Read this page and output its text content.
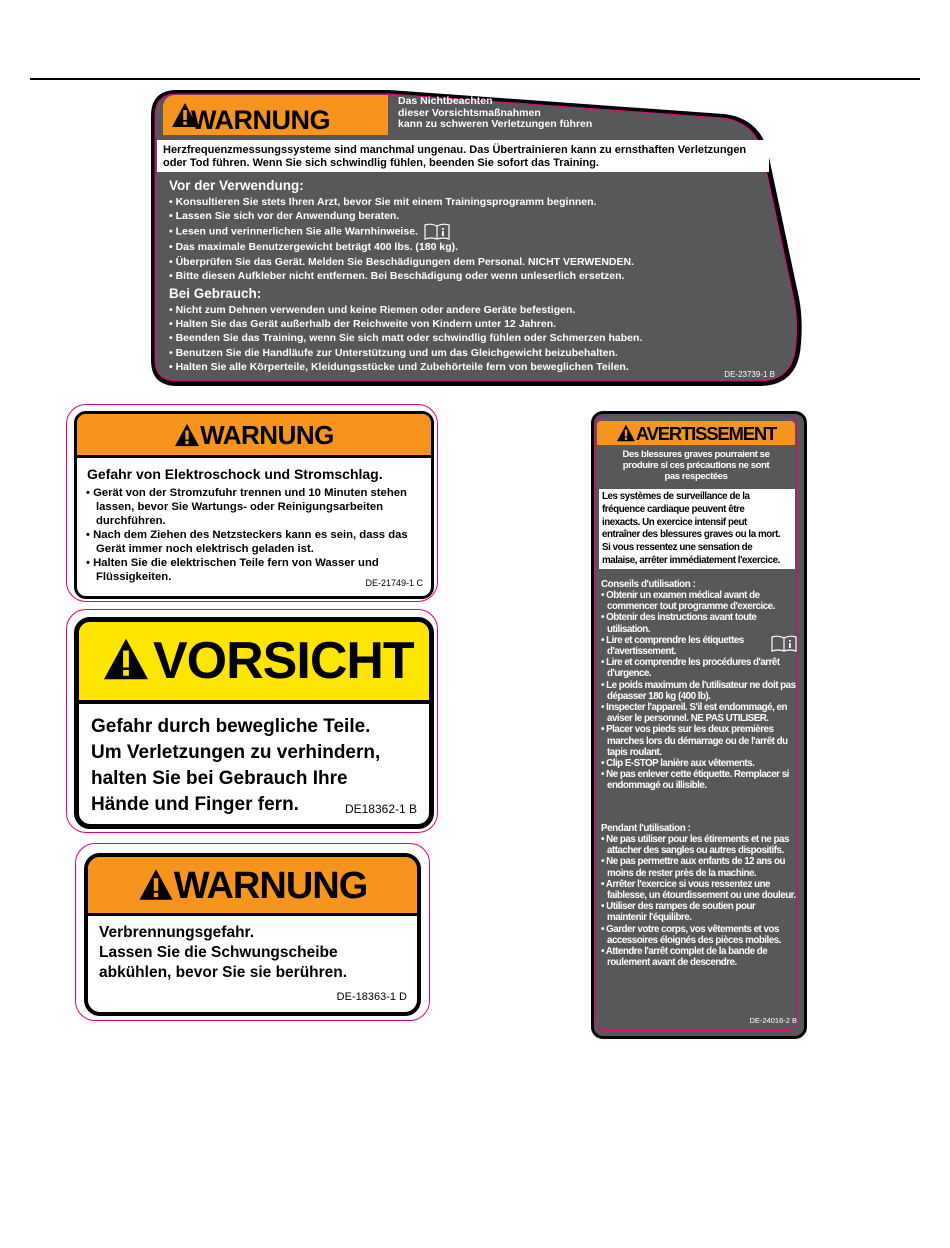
WARNUNG
Das Nichtbeachten
dieser Vorsichtsmaßnahmen
kann zu schweren Verletzungen führen
Herzfrequenzmessungssysteme sind manchmal ungenau. Das Übertrainieren kann zu ernsthaften Verletzungen
oder Tod führen. Wenn Sie sich schwindlig fühlen, beenden Sie sofort das Training.
Vor der Verwendung:
• Konsultieren Sie stets Ihren Arzt, bevor Sie mit einem Trainingsprogramm beginnen.
• Lassen Sie sich vor der Anwendung beraten.
• Lesen und verinnerlichen Sie alle Warnhinweise.
• Das maximale Benutzergewicht beträgt 400 lbs. (180 kg).
• Überprüfen Sie das Gerät. Melden Sie Beschädigungen dem Personal. NICHT VERWENDEN.
• Bitte diesen Aufkleber nicht entfernen. Bei Beschädigung oder wenn unleserlich ersetzen.
Bei Gebrauch:
• Nicht zum Dehnen verwenden und keine Riemen oder andere Geräte befestigen.
• Halten Sie das Gerät außerhalb der Reichweite von Kindern unter 12 Jahren.
• Beenden Sie das Training, wenn Sie sich matt oder schwindlig fühlen oder Schmerzen haben.
• Benutzen Sie die Handläufe zur Unterstützung und um das Gleichgewicht beizubehalten.
• Halten Sie alle Körperteile, Kleidungsstücke und Zubehörteile fern von beweglichen Teilen.
DE-23739-1 B
WARNUNG
Gefahr von Elektroschock und Stromschlag.
• Gerät von der Stromzufuhr trennen und 10 Minuten stehen lassen, bevor Sie Wartungs- oder Reinigungsarbeiten durchführen.
• Nach dem Ziehen des Netzsteckers kann es sein, dass das Gerät immer noch elektrisch geladen ist.
• Halten Sie die elektrischen Teile fern von Wasser und Flüssigkeiten.	DE-21749-1 C
VORSICHT
Gefahr durch bewegliche Teile.
Um Verletzungen zu verhindern,
halten Sie bei Gebrauch Ihre
Hände und Finger fern.	DE18362-1 B
WARNUNG
Verbrennungsgefahr.
Lassen Sie die Schwungscheibe
abkühlen, bevor Sie sie berühren.
DE-18363-1 D
AVERTISSEMENT
Des blessures graves pourraient se
produire si ces précautions ne sont
pas respectées
Les systèmes de surveillance de la
fréquence cardiaque peuvent être
inexacts. Un exercice intensif peut
entraîner des blessures graves ou la mort.
Si vous ressentez une sensation de
malaise, arrêter immédiatement l'exercice.
Conseils d'utilisation :
• Obtenir un examen médical avant de commencer tout programme d'exercice.
• Obtenir des instructions avant toute utilisation.
• Lire et comprendre les étiquettes d'avertissement.
• Lire et comprendre les procédures d'arrêt d'urgence.
• Le poids maximum de l'utilisateur ne doit pas dépasser 180 kg (400 lb).
• Inspecter l'appareil. S'il est endommagé, en aviser le personnel. NE PAS UTILISER.
• Placer vos pieds sur les deux premières marches lors du démarrage ou de l'arrêt du tapis roulant.
• Clip E-STOP lanière aux vêtements.
• Ne pas enlever cette étiquette. Remplacer si endommagé ou illisible.
Pendant l'utilisation :
• Ne pas utiliser pour les étirements et ne pas attacher des sangles ou autres dispositifs.
• Ne pas permettre aux enfants de 12 ans ou moins de rester près de la machine.
• Arrêter l'exercice si vous ressentez une faiblesse, un étourdissement ou une douleur.
• Utiliser des rampes de soutien pour maintenir l'équilibre.
• Garder votre corps, vos vêtements et vos accessoires éloignés des pièces mobiles.
• Attendre l'arrêt complet de la bande de roulement avant de descendre.
DE-24016-2 B
